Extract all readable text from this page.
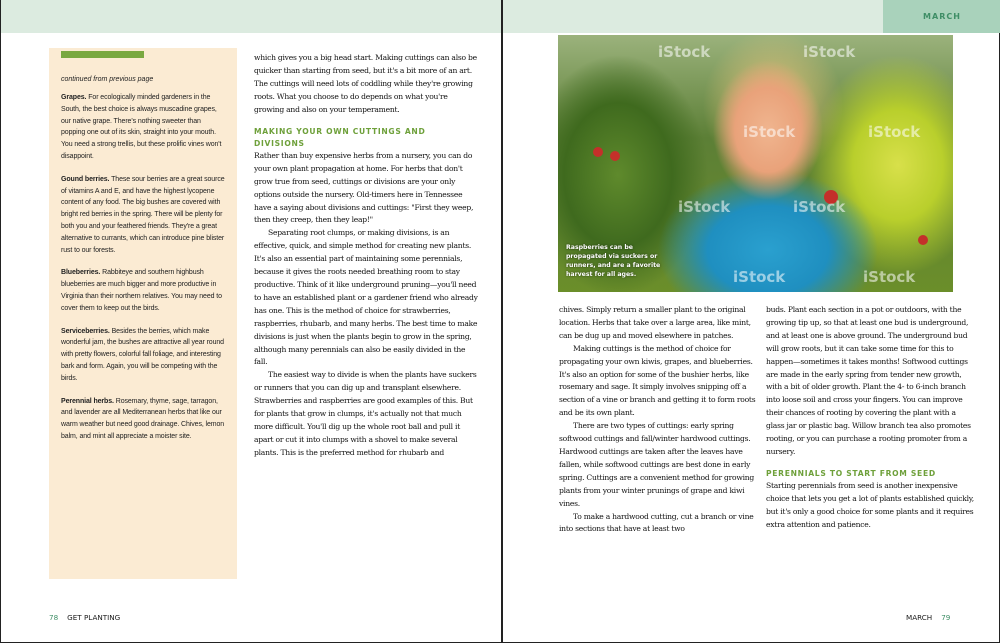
MARCH
continued from previous page

Grapes. For ecologically minded gardeners in the South, the best choice is always muscadine grapes, our native grape. There's nothing sweeter than popping one out of its skin, straight into your mouth. You need a strong trellis, but these prolific vines won't disappoint.

Gound berries. These sour berries are a great source of vitamins A and E, and have the highest lycopene content of any food. The big bushes are covered with bright red berries in the spring. There will be plenty for both you and your feathered friends. They're a great alternative to currants, which can introduce pine blister rust to our forests.

Blueberries. Rabbiteye and southern highbush blueberries are much bigger and more productive in Virginia than their northern relatives. You may need to cover them to keep out the birds.

Serviceberries. Besides the berries, which make wonderful jam, the bushes are attractive all year round with pretty flowers, colorful fall foliage, and interesting bark and form. Again, you will be competing with the birds.

Perennial herbs. Rosemary, thyme, sage, tarragon, and lavender are all Mediterranean herbs that like our warm weather but need good drainage. Chives, lemon balm, and mint all appreciate a moister site.

which gives you a big head start. Making cuttings can also be quicker than starting from seed, but it's a bit more of an art. The cuttings will need lots of coddling while they're growing roots. What you choose to do depends on what you're growing and also on your temperament.

MAKING YOUR OWN CUTTINGS AND DIVISIONS

Rather than buy expensive herbs from a nursery, you can do your own plant propagation at home. For herbs that don't grow true from seed, cuttings or divisions are your only options outside the nursery. Old-timers here in Tennessee have a saying about divisions and cuttings: "First they weep, then they creep, then they leap!"

Separating root clumps, or making divisions, is an effective, quick, and simple method for creating new plants. It's also an essential part of maintaining some perennials, because it gives the roots needed breathing room to stay productive. Think of it like underground pruning—you'll need to have an established plant or a gardener friend who already has one. This is the method of choice for strawberries, raspberries, rhubarb, and many herbs. The best time to make divisions is just when the plants begin to grow in the spring, although many perennials can also be easily divided in the fall.

The easiest way to divide is when the plants have suckers or runners that you can dig up and transplant elsewhere. Strawberries and raspberries are good examples of this. But for plants that grow in clumps, it's actually not that much more difficult. You'll dig up the whole root ball and pull it apart or cut it into clumps with a shovel to make several plants. This is the preferred method for rhubarb and

iStock	iStock
iStock	iStock
iStock	iStock
iStock	iStock
Raspberries can be propagated via suckers or runners, and are a favorite harvest for all ages.

chives. Simply return a smaller plant to the original location. Herbs that take over a large area, like mint, can be dug up and moved elsewhere in patches.

Making cuttings is the method of choice for propagating your own kiwis, grapes, and blueberries. It's also an option for some of the bushier herbs, like rosemary and sage. It simply involves snipping off a section of a vine or branch and getting it to form roots and be its own plant.

There are two types of cuttings: early spring softwood cuttings and fall/winter hardwood cuttings. Hardwood cuttings are taken after the leaves have fallen, while softwood cuttings are best done in early spring. Cuttings are a convenient method for growing plants from your winter prunings of grape and kiwi vines.

To make a hardwood cutting, cut a branch or vine into sections that have at least two

buds. Plant each section in a pot or outdoors, with the growing tip up, so that at least one bud is underground, and at least one is above ground. The underground bud will grow roots, but it can take some time for this to happen—sometimes it takes months! Softwood cuttings are made in the early spring from tender new growth, with a bit of older growth. Plant the 4- to 6-inch branch into loose soil and cross your fingers. You can improve their chances of rooting by covering the plant with a glass jar or plastic bag. Willow branch tea also promotes rooting, or you can purchase a rooting promoter from a nursery.

PERENNIALS TO START FROM SEED

Starting perennials from seed is another inexpensive choice that lets you get a lot of plants established quickly, but it's only a good choice for some plants and it requires extra attention and patience.

78 GET PLANTING	MARCH 79
